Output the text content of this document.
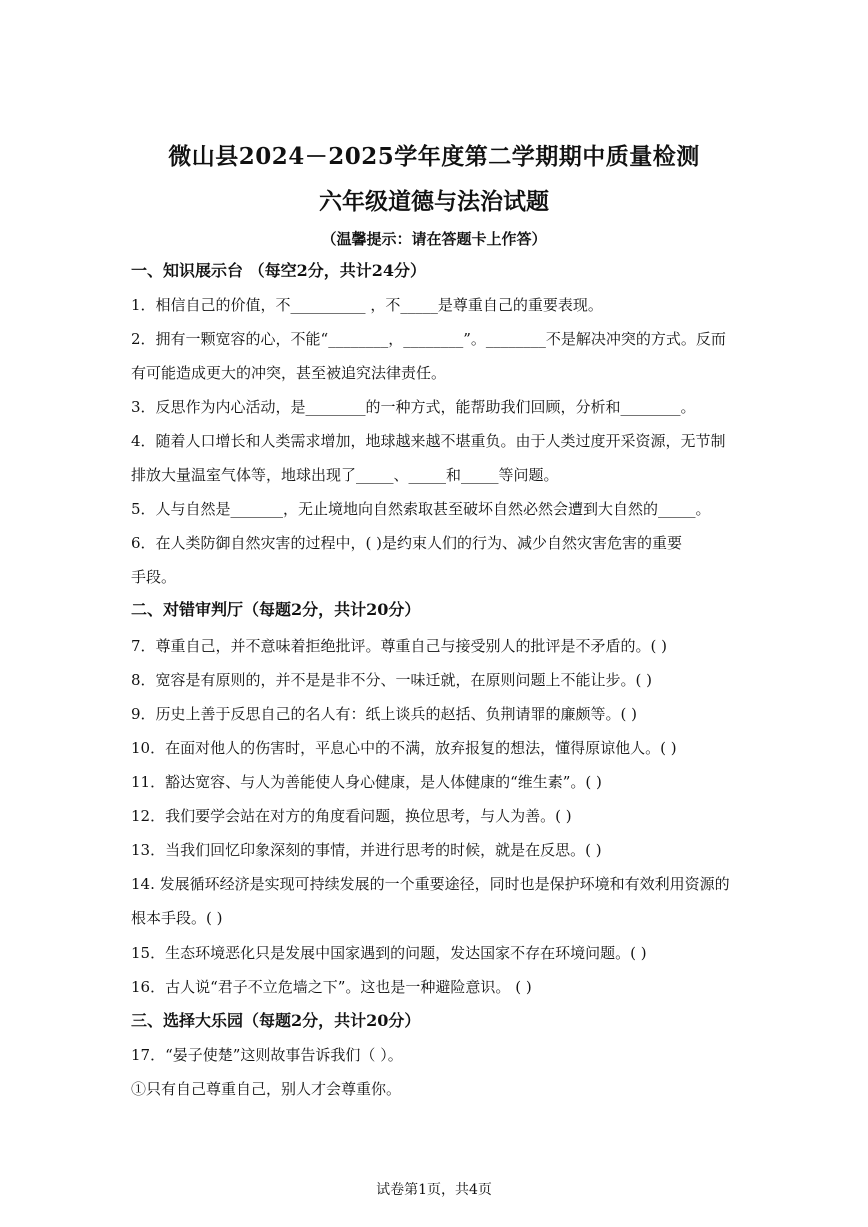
微山县2024－2025学年度第二学期期中质量检测
六年级道德与法治试题
（温馨提示：请在答题卡上作答）
一、知识展示台 （每空2分，共计24分）
1．相信自己的价值，不__________ ，不_____是尊重自己的重要表现。
2．拥有一颗宽容的心，不能“________，________”。________不是解决冲突的方式。反而
有可能造成更大的冲突，甚至被追究法律责任。
3．反思作为内心活动，是________的一种方式，能帮助我们回顾，分析和________。
4．随着人口增长和人类需求增加，地球越来越不堪重负。由于人类过度开采资源，无节制
排放大量温室气体等，地球出现了_____、_____和_____等问题。
5．人与自然是_______，无止境地向自然索取甚至破坏自然必然会遭到大自然的_____。
6．在人类防御自然灾害的过程中，( )是约束人们的行为、减少自然灾害危害的重要
手段。
二、对错审判厅（每题2分，共计20分）
7．尊重自己，并不意味着拒绝批评。尊重自己与接受别人的批评是不矛盾的。( )
8．宽容是有原则的，并不是是非不分、一味迁就，在原则问题上不能让步。( )
9．历史上善于反思自己的名人有：纸上谈兵的赵括、负荆请罪的廉颇等。( )
10．在面对他人的伤害时，平息心中的不满，放弃报复的想法，懂得原谅他人。( )
11．豁达宽容、与人为善能使人身心健康，是人体健康的“维生素”。( )
12．我们要学会站在对方的角度看问题，换位思考，与人为善。( )
13．当我们回忆印象深刻的事情，并进行思考的时候，就是在反思。( )
14. 发展循环经济是实现可持续发展的一个重要途径，同时也是保护环境和有效利用资源的
根本手段。( )
15．生态环境恶化只是发展中国家遇到的问题，发达国家不存在环境问题。( )
16．古人说“君子不立危墙之下”。这也是一种避险意识。 ( )
三、选择大乐园（每题2分，共计20分）
17．“晏子使楚”这则故事告诉我们（ ）。
①只有自己尊重自己，别人才会尊重你。
试卷第1页，共4页
